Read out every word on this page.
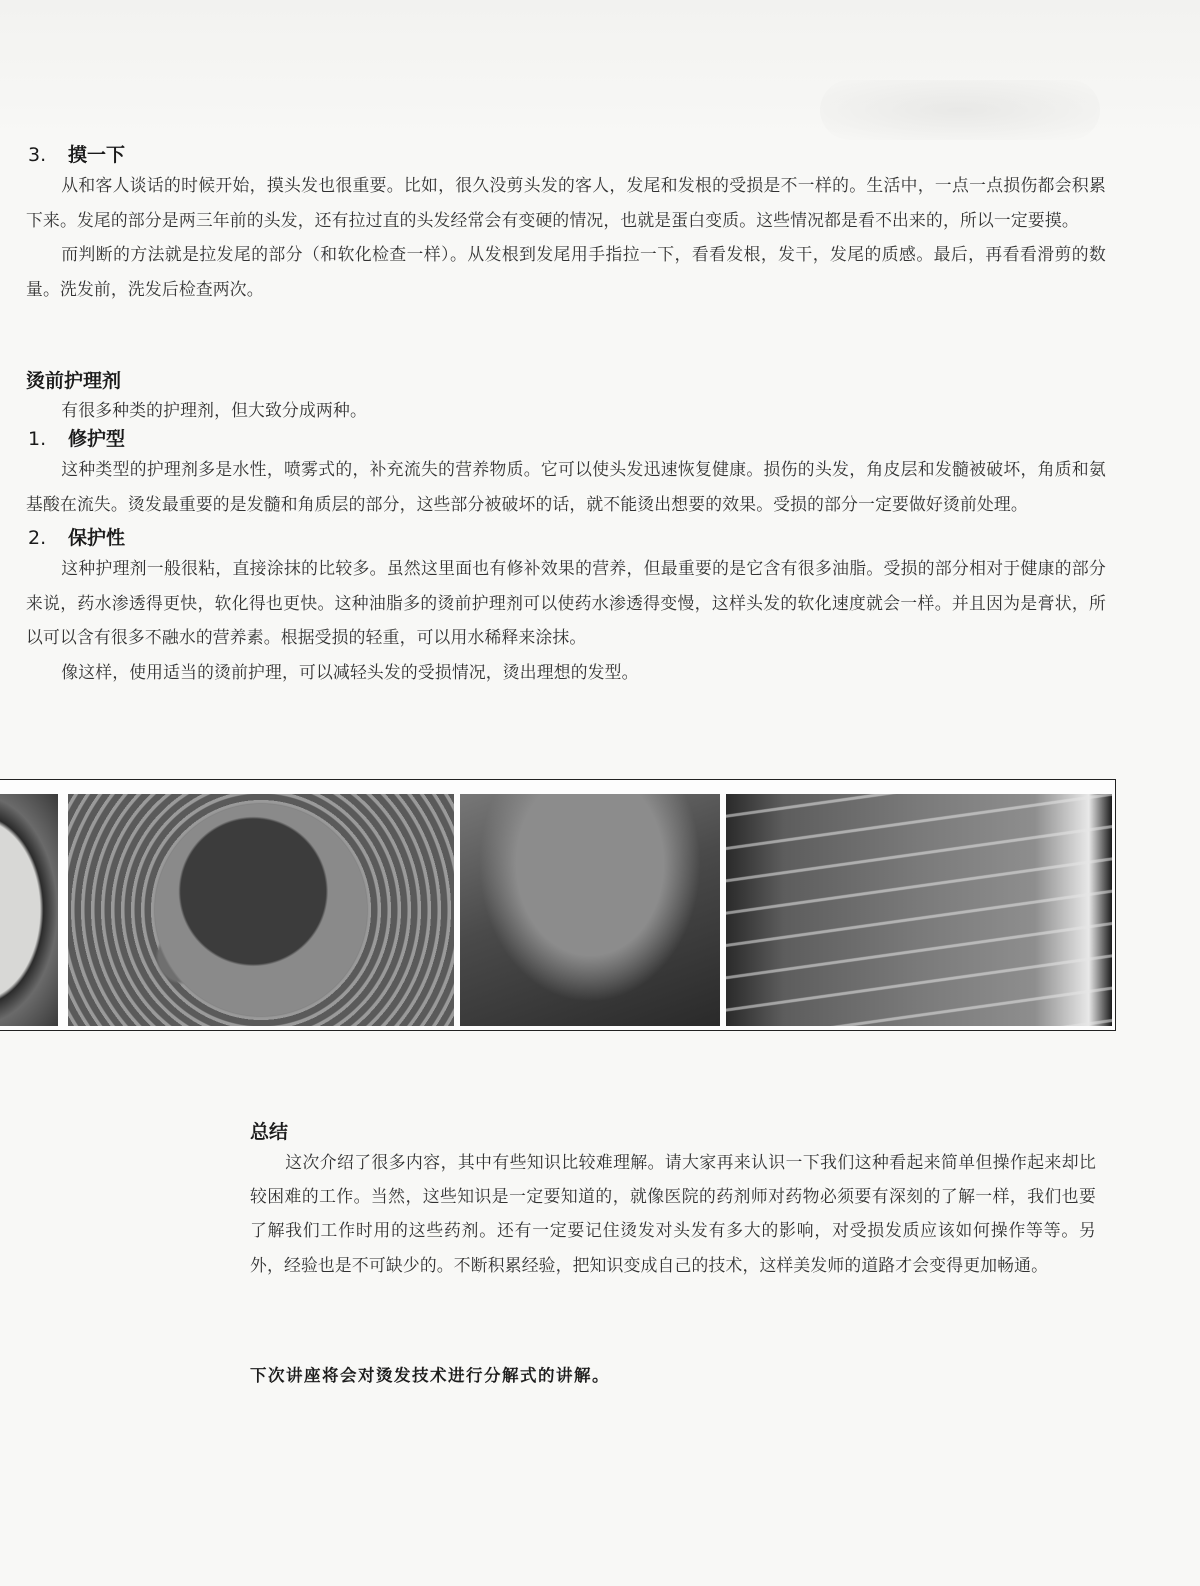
3. 摸一下

从和客人谈话的时候开始，摸头发也很重要。比如，很久没剪头发的客人，发尾和发根的受损是不一样的。生活中，一点一点损伤都会积累下来。发尾的部分是两三年前的头发，还有拉过直的头发经常会有变硬的情况，也就是蛋白变质。这些情况都是看不出来的，所以一定要摸。

而判断的方法就是拉发尾的部分（和软化检查一样）。从发根到发尾用手指拉一下，看看发根，发干，发尾的质感。最后，再看看滑剪的数量。洗发前，洗发后检查两次。

烫前护理剂

有很多种类的护理剂，但大致分成两种。

1. 修护型

这种类型的护理剂多是水性，喷雾式的，补充流失的营养物质。它可以使头发迅速恢复健康。损伤的头发，角皮层和发髓被破坏，角质和氨基酸在流失。烫发最重要的是发髓和角质层的部分，这些部分被破坏的话，就不能烫出想要的效果。受损的部分一定要做好烫前处理。

2. 保护性

这种护理剂一般很粘，直接涂抹的比较多。虽然这里面也有修补效果的营养，但最重要的是它含有很多油脂。受损的部分相对于健康的部分来说，药水渗透得更快，软化得也更快。这种油脂多的烫前护理剂可以使药水渗透得变慢，这样头发的软化速度就会一样。并且因为是膏状，所以可以含有很多不融水的营养素。根据受损的轻重，可以用水稀释来涂抹。

像这样，使用适当的烫前护理，可以减轻头发的受损情况，烫出理想的发型。

总结

这次介绍了很多内容，其中有些知识比较难理解。请大家再来认识一下我们这种看起来简单但操作起来却比较困难的工作。当然，这些知识是一定要知道的，就像医院的药剂师对药物必须要有深刻的了解一样，我们也要了解我们工作时用的这些药剂。还有一定要记住烫发对头发有多大的影响，对受损发质应该如何操作等等。另外，经验也是不可缺少的。不断积累经验，把知识变成自己的技术，这样美发师的道路才会变得更加畅通。

下次讲座将会对烫发技术进行分解式的讲解。
